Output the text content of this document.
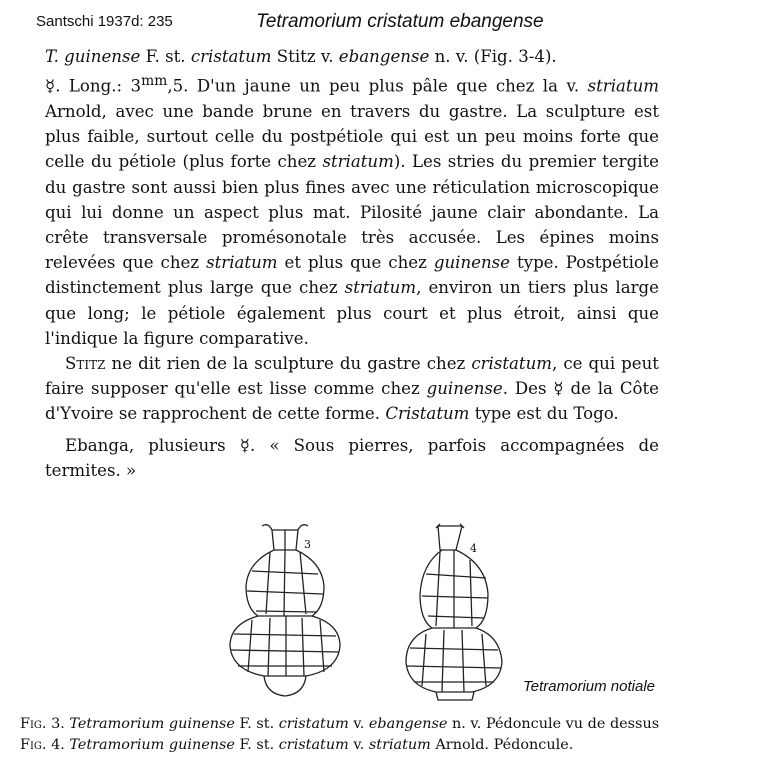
Santschi 1937d: 235	Tetramorium cristatum ebangense

T. guinense F. st. cristatum Stitz v. ebangense n. v. (Fig. 3-4).
☿. Long.: $3^{mm},5$. D'un jaune un peu plus pâle que chez la v. striatum Arnold, avec une bande brune en travers du gastre. La sculpture est plus faible, surtout celle du postpétiole qui est un peu moins forte que celle du pétiole (plus forte chez striatum). Les stries du premier tergite du gastre sont aussi bien plus fines avec une réticulation microscopique qui lui donne un aspect plus mat. Pilosité jaune clair abondante. La crête transversale promésonotale très accusée. Les épines moins relevées que chez striatum et plus que chez guinense type. Postpétiole distinctement plus large que chez striatum, environ un tiers plus large que long; le pétiole également plus court et plus étroit, ainsi que l'indique la figure comparative.

Stitz ne dit rien de la sculpture du gastre chez cristatum, ce qui peut faire supposer qu'elle est lisse comme chez guinense. Des ☿ de la Côte d'Yvoire se rapprochent de cette forme. Cristatum type est du Togo.

Ebanga, plusieurs ☿. « Sous pierres, parfois accompagnées de termites. »

3	4
Tetramorium notiale
Fig. 3. Tetramorium guinense F. st. cristatum v. ebangense n. v. Pédoncule vu de dessus
Fig. 4. Tetramorium guinense F. st. cristatum v. striatum Arnold. Pédoncule.
